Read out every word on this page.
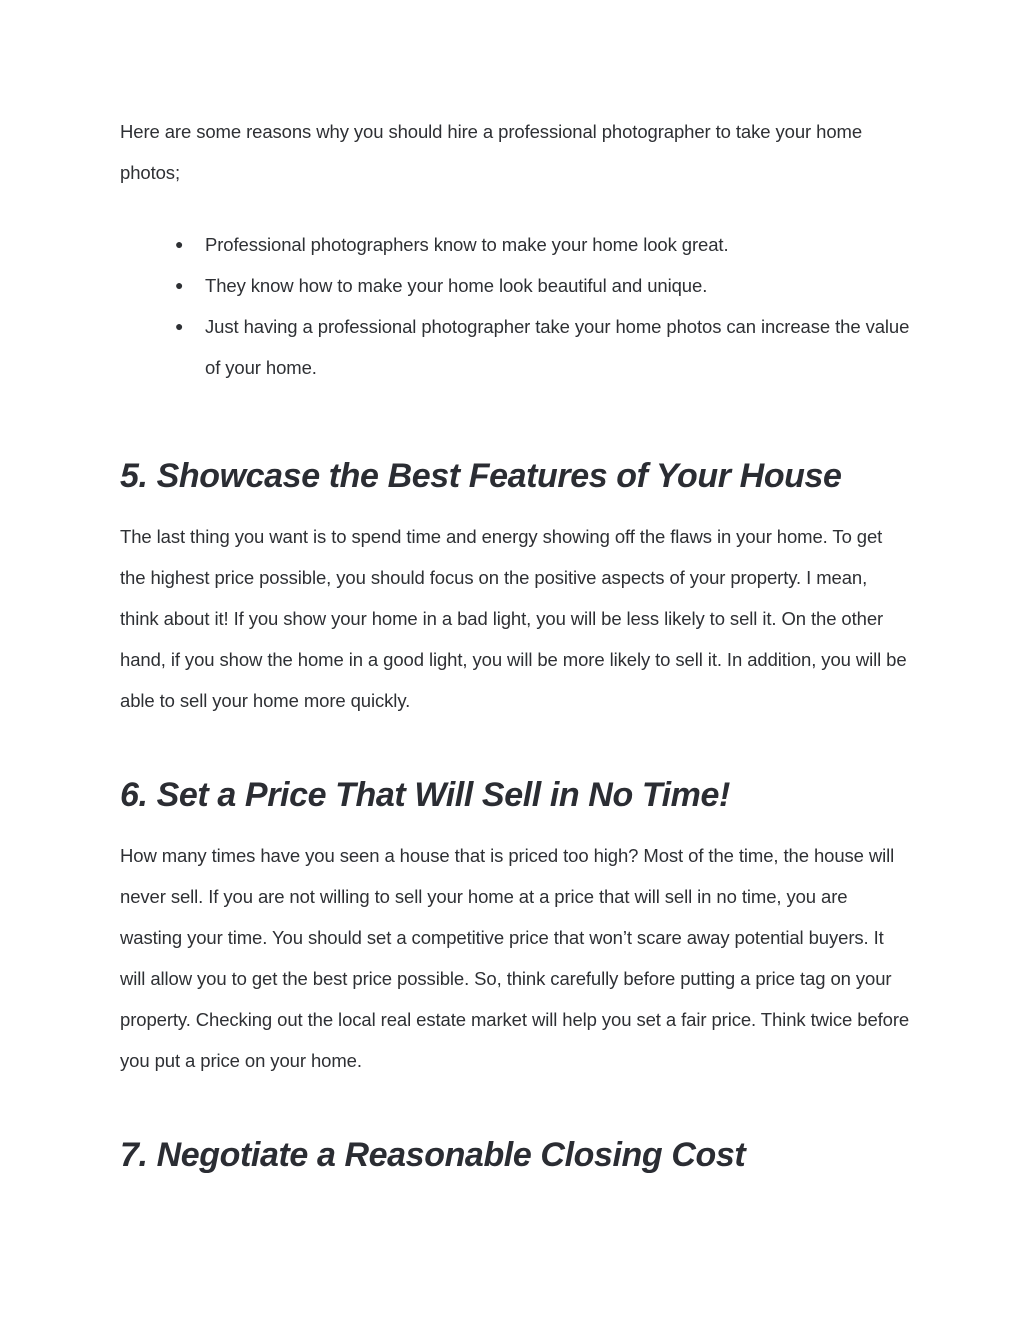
Here are some reasons why you should hire a professional photographer to take your home photos;

● Professional photographers know to make your home look great.
● They know how to make your home look beautiful and unique.
● Just having a professional photographer take your home photos can increase the value of your home.
5. Showcase the Best Features of Your House

The last thing you want is to spend time and energy showing off the flaws in your home. To get the highest price possible, you should focus on the positive aspects of your property. I mean, think about it! If you show your home in a bad light, you will be less likely to sell it. On the other hand, if you show the home in a good light, you will be more likely to sell it. In addition, you will be able to sell your home more quickly.

6. Set a Price That Will Sell in No Time!

How many times have you seen a house that is priced too high? Most of the time, the house will never sell. If you are not willing to sell your home at a price that will sell in no time, you are wasting your time. You should set a competitive price that won’t scare away potential buyers. It will allow you to get the best price possible. So, think carefully before putting a price tag on your property. Checking out the local real estate market will help you set a fair price. Think twice before you put a price on your home.

7. Negotiate a Reasonable Closing Cost
